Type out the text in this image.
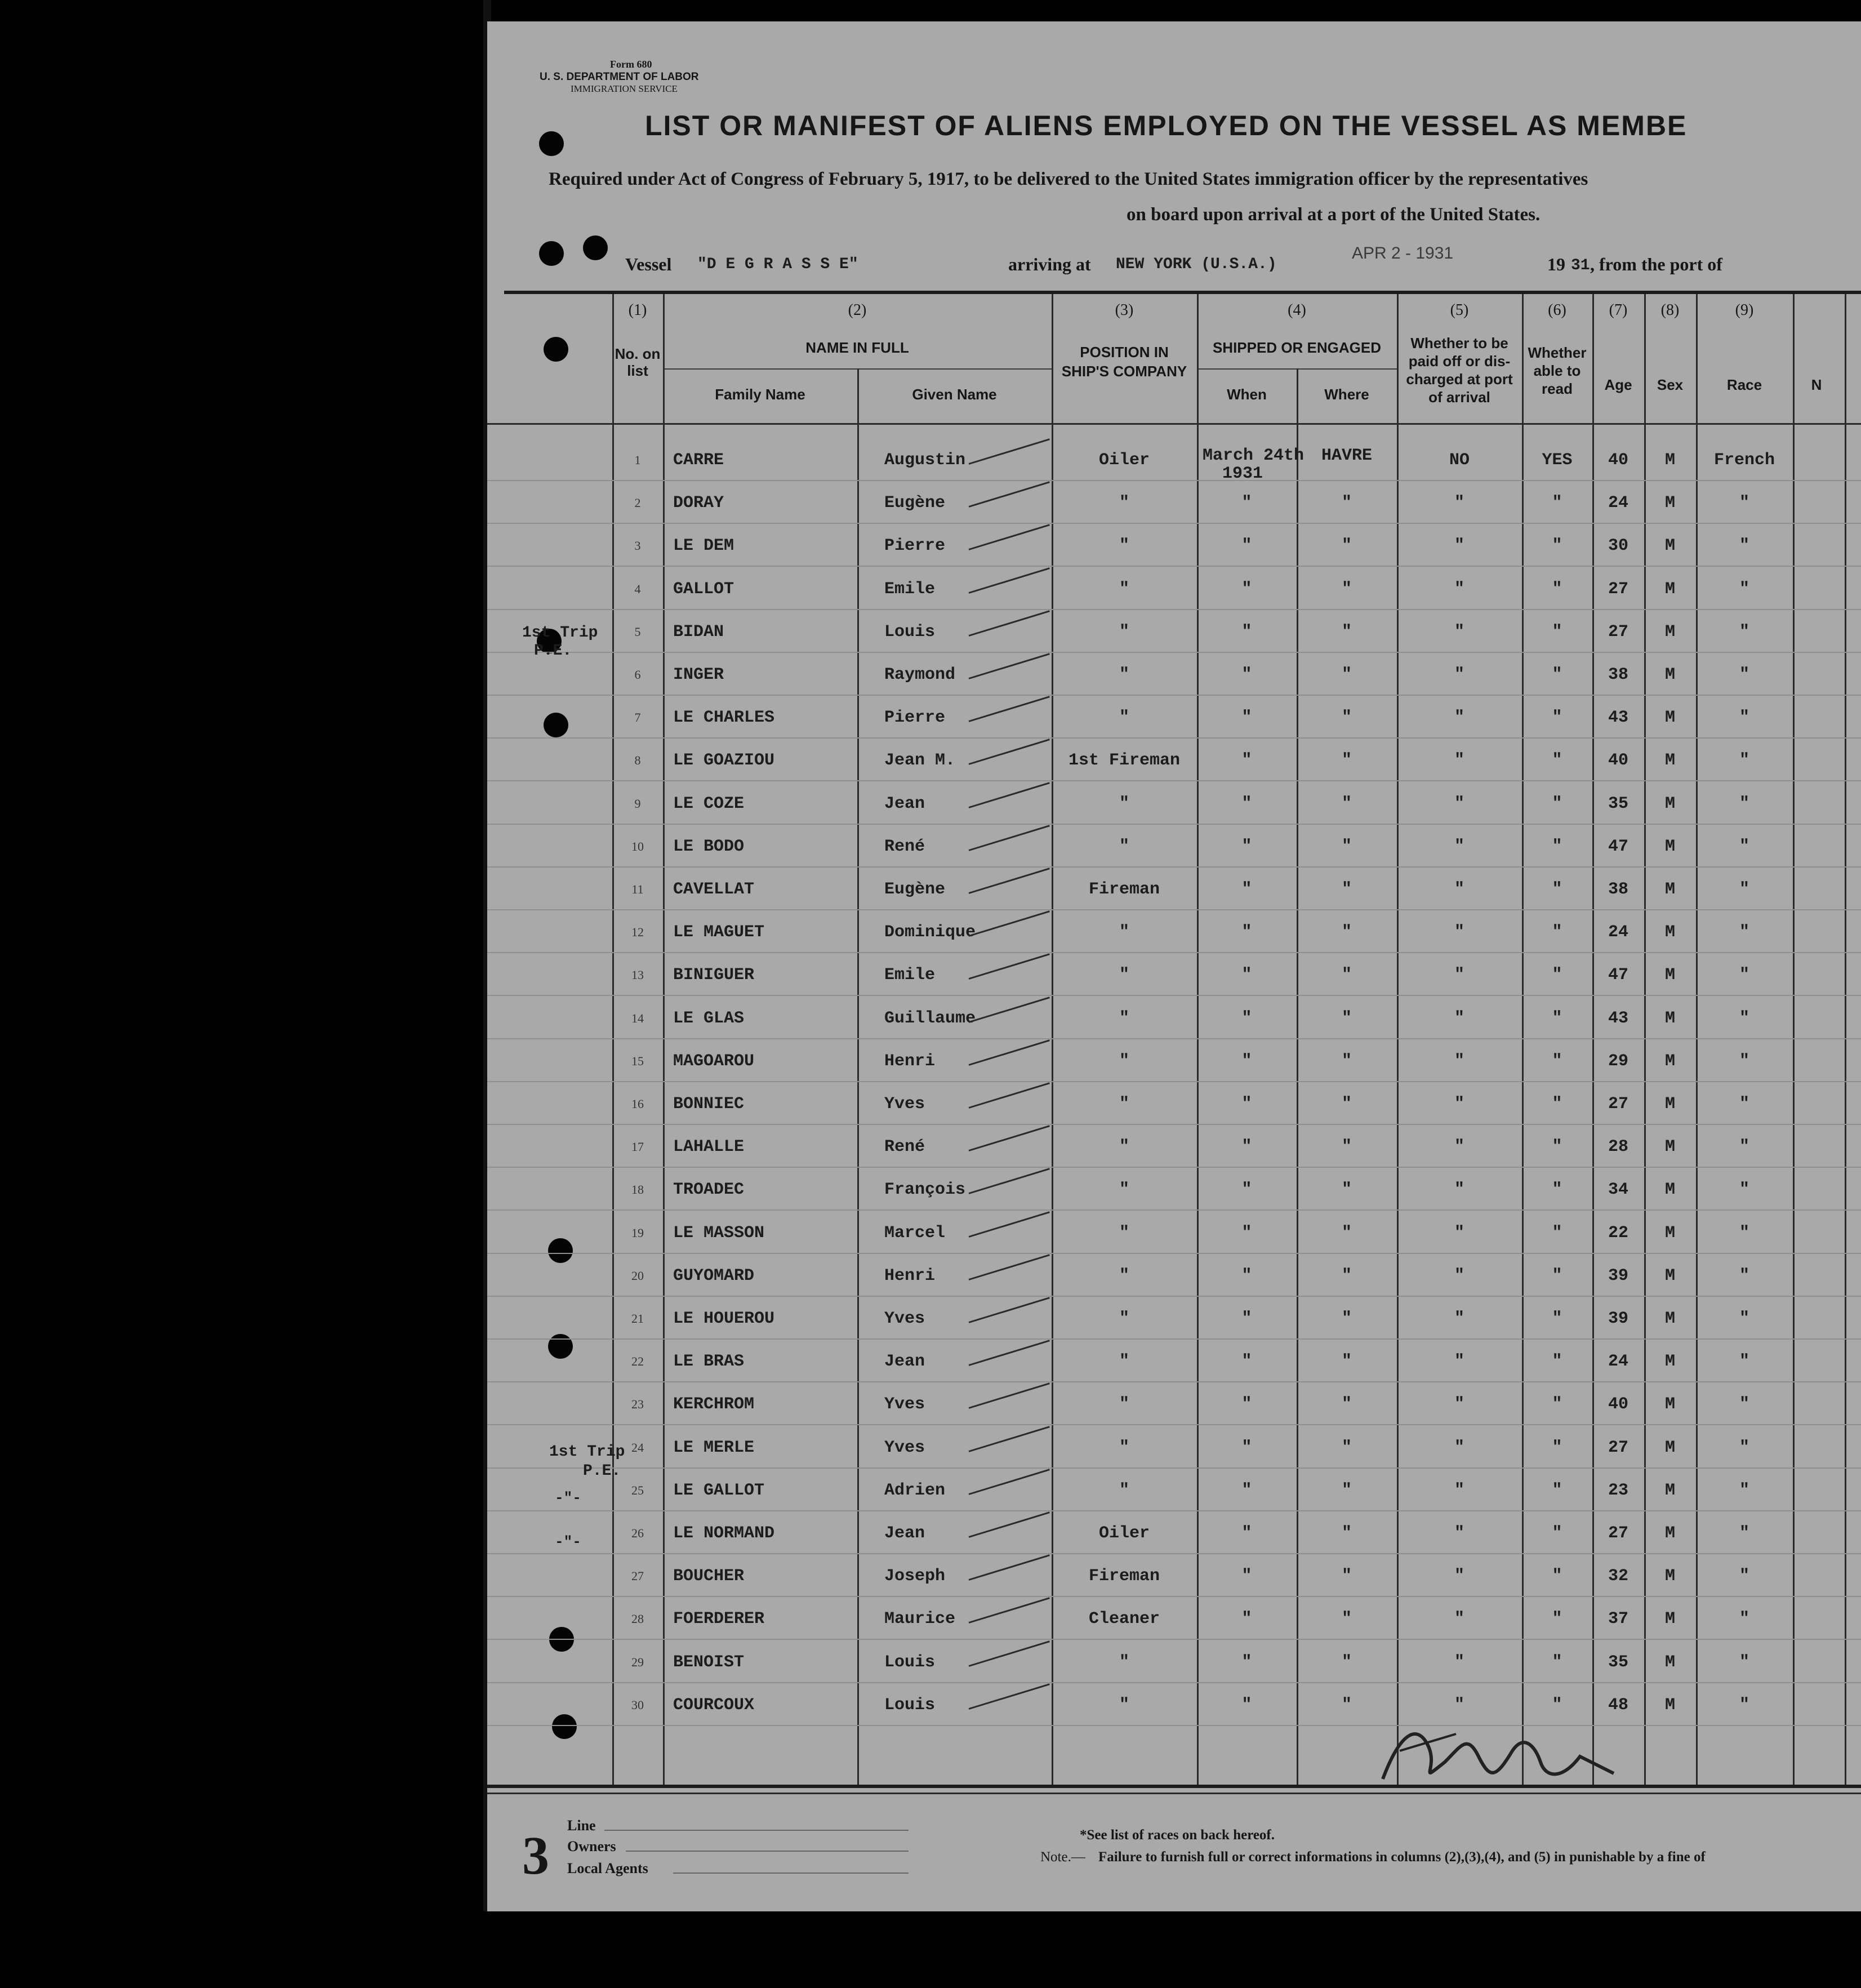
Form 680
U. S. DEPARTMENT OF LABOR
IMMIGRATION SERVICE
LIST OR MANIFEST OF ALIENS EMPLOYED ON THE VESSEL AS MEMBE
Required under Act of Congress of February 5, 1917, to be delivered to the United States immigration officer by the representatives
on board upon arrival at a port of the United States.
Vessel "D E G R A S S E"	arriving at NEW YORK (U.S.A.)
APR 2 - 1931
19 31 , from the port of
(1)
No. on list
(2)
NAME IN FULL
Family Name	Given Name
(3)
POSITION IN SHIP'S COMPANY
(4)
SHIPPED OR ENGAGED
When	Where
(5)
Whether to be paid off or dis-charged at port of arrival
(6)
Whether able to read
(7)
Age
(8)
Sex
(9)
Race	N
1	CARRE	Augustin	Oiler	March 24th	HAVRE	NO	YES	40	M	French
1931
2	DORAY	Eugène	"	"	"	"	"	24	M	"
3	LE DEM	Pierre	"	"	"	"	"	30	M	"
4	GALLOT	Emile	"	"	"	"	"	27	M	"
5	BIDAN	Louis	"	"	"	"	"	27	M	"
6	INGER	Raymond	"	"	"	"	"	38	M	"
7	LE CHARLES	Pierre	"	"	"	"	"	43	M	"
8	LE GOAZIOU	Jean M.	1st Fireman	"	"	"	"	40	M	"
9	LE COZE	Jean	"	"	"	"	"	35	M	"
10	LE BODO	René	"	"	"	"	"	47	M	"
11	CAVELLAT	Eugène	Fireman	"	"	"	"	38	M	"
12	LE MAGUET	Dominique	"	"	"	"	"	24	M	"
13	BINIGUER	Emile	"	"	"	"	"	47	M	"
14	LE GLAS	Guillaume	"	"	"	"	"	43	M	"
15	MAGOAROU	Henri	"	"	"	"	"	29	M	"
16	BONNIEC	Yves	"	"	"	"	"	27	M	"
17	LAHALLE	René	"	"	"	"	"	28	M	"
18	TROADEC	François	"	"	"	"	"	34	M	"
19	LE MASSON	Marcel	"	"	"	"	"	22	M	"
20	GUYOMARD	Henri	"	"	"	"	"	39	M	"
21	LE HOUEROU	Yves	"	"	"	"	"	39	M	"
22	LE BRAS	Jean	"	"	"	"	"	24	M	"
23	KERCHROM	Yves	"	"	"	"	"	40	M	"
24	LE MERLE	Yves	"	"	"	"	"	27	M	"
25	LE GALLOT	Adrien	"	"	"	"	"	23	M	"
26	LE NORMAND	Jean	Oiler	"	"	"	"	27	M	"
27	BOUCHER	Joseph	Fireman	"	"	"	"	32	M	"
28	FOERDERER	Maurice	Cleaner	"	"	"	"	37	M	"
29	BENOIST	Louis	"	"	"	"	"	35	M	"
30	COURCOUX	Louis	"	"	"	"	"	48	M	"
1st Trip
P.E.
1st Trip
P.E.
-"-
-"-
Line
Owners
Local Agents
3	*See list of races on back hereof.
Note.— Failure to furnish full or correct informations in columns (2),(3),(4), and (5) in punishable by a fine of
